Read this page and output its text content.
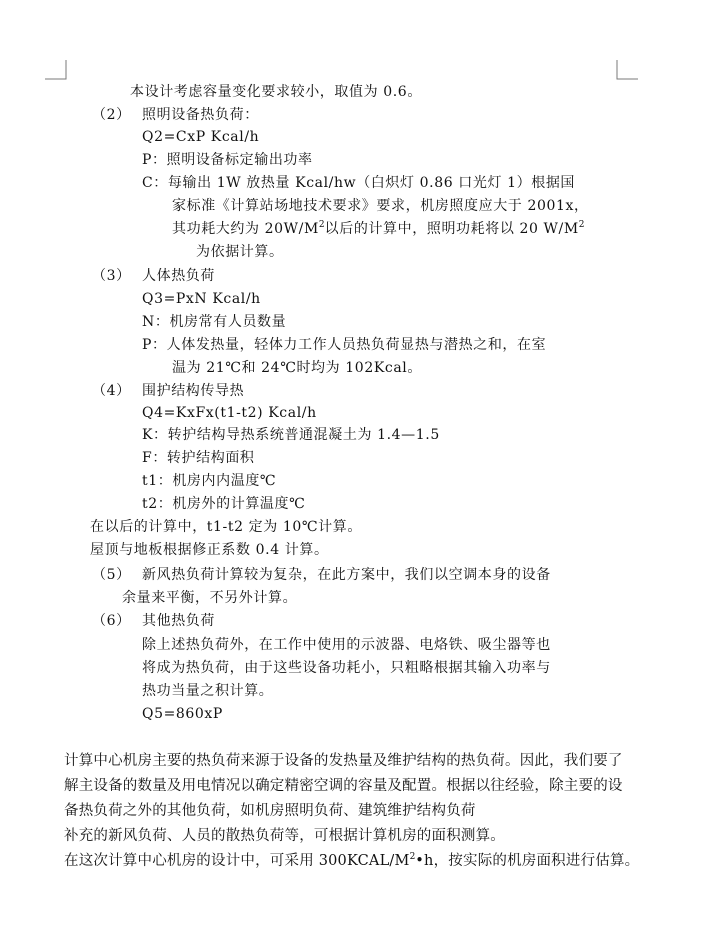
本设计考虑容量变化要求较小，取值为 0.6。
（2） 照明设备热负荷：
Q2=CxP Kcal/h
P：照明设备标定输出功率
C：每输出 1W 放热量 Kcal/hw（白炽灯 0.86 口光灯 1）根据国
家标准《计算站场地技术要求》要求，机房照度应大于 2001x，
其功耗大约为 $20W/M^2$以后的计算中，照明功耗将以 20 $W/M^2$
为依据计算。
（3） 人体热负荷
Q3=PxN Kcal/h
N：机房常有人员数量
P：人体发热量，轻体力工作人员热负荷显热与潜热之和，在室
温为 21℃和 24℃时均为 102Kcal。
（4） 围护结构传导热
Q4=KxFx(t1-t2) Kcal/h
K：转护结构导热系统普通混凝土为 1.4—1.5
F：转护结构面积
t1：机房内内温度℃
t2：机房外的计算温度℃
在以后的计算中，t1-t2 定为 10℃计算。
屋顶与地板根据修正系数 0.4 计算。
（5） 新风热负荷计算较为复杂，在此方案中，我们以空调本身的设备
余量来平衡，不另外计算。
（6） 其他热负荷
除上述热负荷外，在工作中使用的示波器、电烙铁、吸尘器等也
将成为热负荷，由于这些设备功耗小，只粗略根据其输入功率与
热功当量之积计算。
Q5=860xP
计算中心机房主要的热负荷来源于设备的发热量及维护结构的热负荷。因此，我们要了
解主设备的数量及用电情况以确定精密空调的容量及配置。根据以往经验，除主要的设
备热负荷之外的其他负荷，如机房照明负荷、建筑维护结构负荷
补充的新风负荷、人员的散热负荷等，可根据计算机房的面积测算。
在这次计算中心机房的设计中，可采用 $300KCAL/M^2•h$，按实际的机房面积进行估算。
